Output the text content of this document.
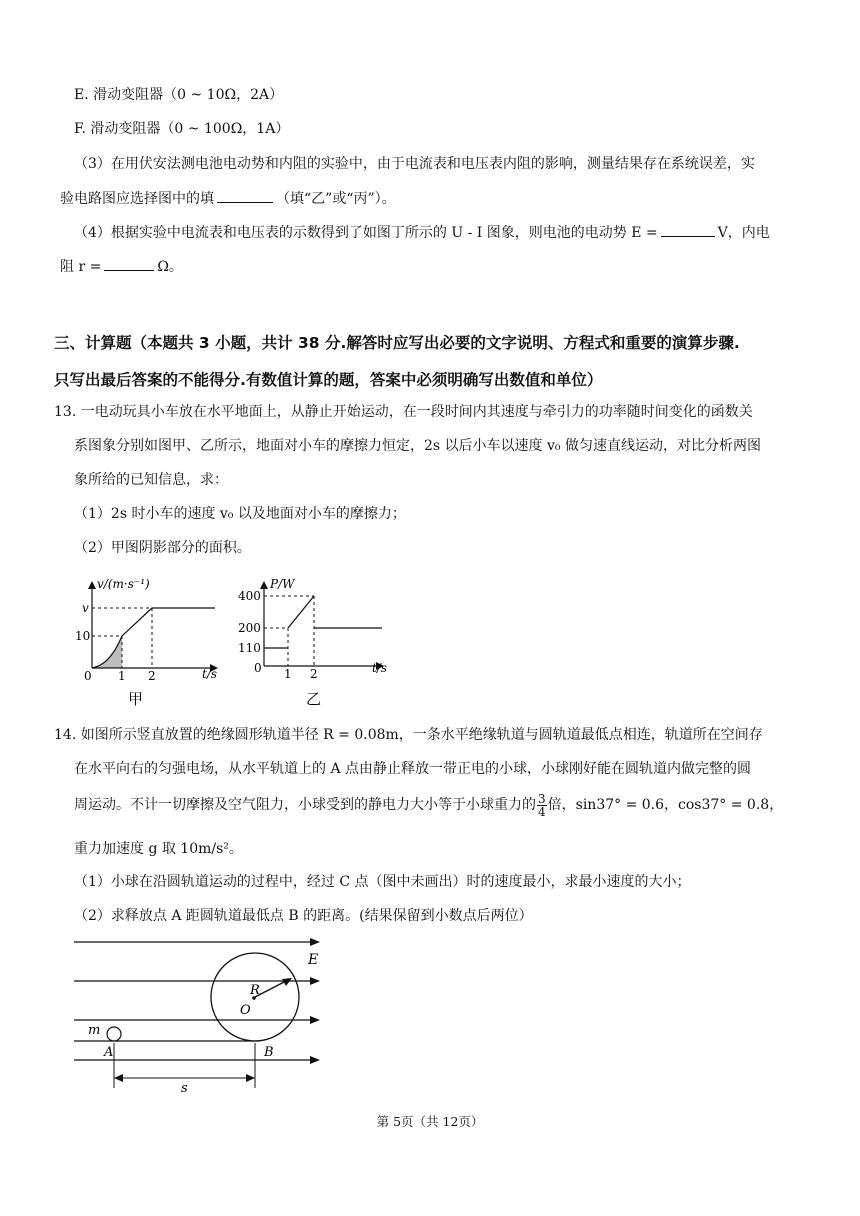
E. 滑动变阻器（0 ~ 10Ω，2A）
F. 滑动变阻器（0 ~ 100Ω，1A）
（3）在用伏安法测电池电动势和内阻的实验中，由于电流表和电压表内阻的影响，测量结果存在系统误差，实
验电路图应选择图中的填	（填“乙”或“丙”）。
（4）根据实验中电流表和电压表的示数得到了如图丁所示的 U - I 图象，则电池的电动势 E =	V，内电
阻 r =	Ω。
三、计算题（本题共 3 小题，共计 38 分.解答时应写出必要的文字说明、方程式和重要的演算步骤.
只写出最后答案的不能得分.有数值计算的题，答案中必须明确写出数值和单位）
13. 一电动玩具小车放在水平地面上，从静止开始运动，在一段时间内其速度与牵引力的功率随时间变化的函数关
系图象分别如图甲、乙所示，地面对小车的摩擦力恒定，2s 以后小车以速度 v₀ 做匀速直线运动，对比分析两图
象所给的已知信息，求：
（1）2s 时小车的速度 v₀ 以及地面对小车的摩擦力；
（2）甲图阴影部分的面积。
v/(m·s⁻¹)
v
10
0 1 2	t/s
甲
P/W
400
200
110
0 1 2	t/s
乙
14. 如图所示竖直放置的绝缘圆形轨道半径 R = 0.08m，一条水平绝缘轨道与圆轨道最低点相连，轨道所在空间存
在水平向右的匀强电场，从水平轨道上的 A 点由静止释放一带正电的小球，小球刚好能在圆轨道内做完整的圆
周运动。不计一切摩擦及空气阻力，小球受到的静电力大小等于小球重力的 $\frac{3}{4}$ 倍，sin37° = 0.6，cos37° = 0.8，
重力加速度 g 取 10m/s²。
（1）小球在沿圆轨道运动的过程中，经过 C 点（图中未画出）时的速度最小，求最小速度的大小；
（2）求释放点 A 距圆轨道最低点 B 的距离。(结果保留到小数点后两位）
E
R
O
m
A	B
s
第 5页（共 12页）
